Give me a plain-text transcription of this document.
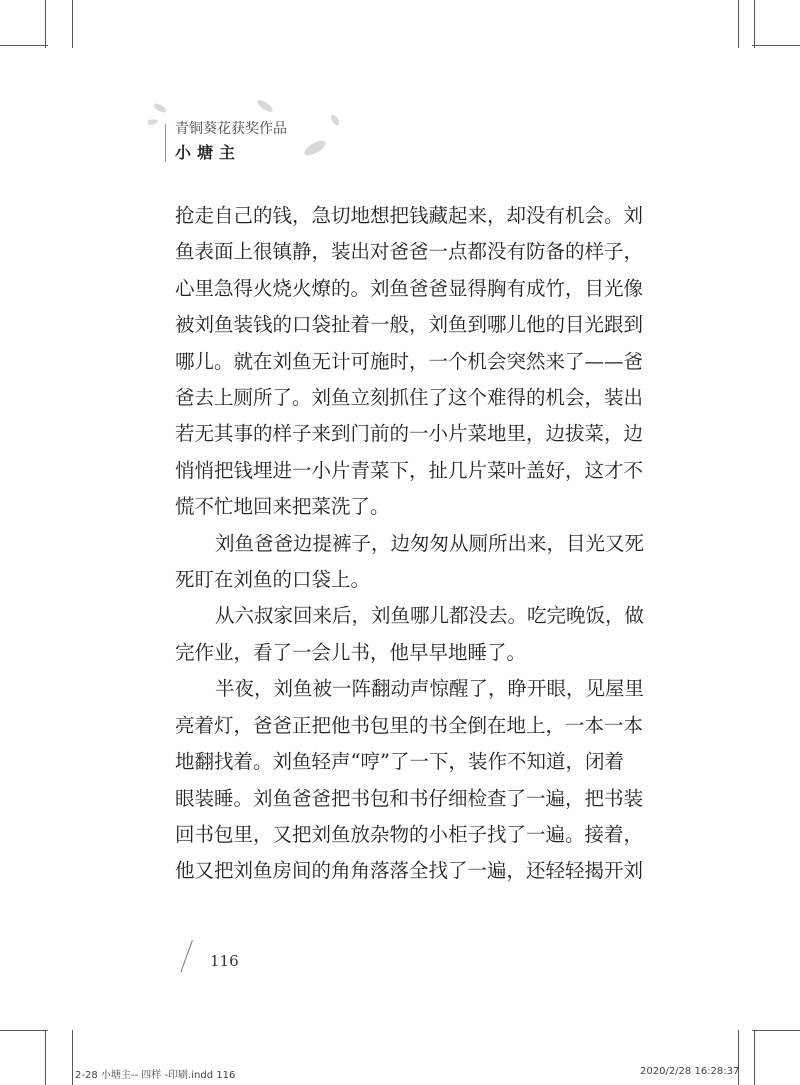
青铜葵花获奖作品
小塘主

抢走自己的钱，急切地想把钱藏起来，却没有机会。刘

鱼表面上很镇静，装出对爸爸一点都没有防备的样子，

心里急得火烧火燎的。刘鱼爸爸显得胸有成竹，目光像

被刘鱼装钱的口袋扯着一般，刘鱼到哪儿他的目光跟到

哪儿。就在刘鱼无计可施时，一个机会突然来了——爸

爸去上厕所了。刘鱼立刻抓住了这个难得的机会，装出

若无其事的样子来到门前的一小片菜地里，边拔菜，边

悄悄把钱埋进一小片青菜下，扯几片菜叶盖好，这才不

慌不忙地回来把菜洗了。

刘鱼爸爸边提裤子，边匆匆从厕所出来，目光又死

死盯在刘鱼的口袋上。

从六叔家回来后，刘鱼哪儿都没去。吃完晚饭，做

完作业，看了一会儿书，他早早地睡了。

半夜，刘鱼被一阵翻动声惊醒了，睁开眼，见屋里

亮着灯，爸爸正把他书包里的书全倒在地上，一本一本

地翻找着。刘鱼轻声“哼”了一下，装作不知道，闭着

眼装睡。刘鱼爸爸把书包和书仔细检查了一遍，把书装

回书包里，又把刘鱼放杂物的小柜子找了一遍。接着，

他又把刘鱼房间的角角落落全找了一遍，还轻轻揭开刘

116
2-28 小塘主-- 四样 -印刷.indd 116	2020/2/28 16:28:37
